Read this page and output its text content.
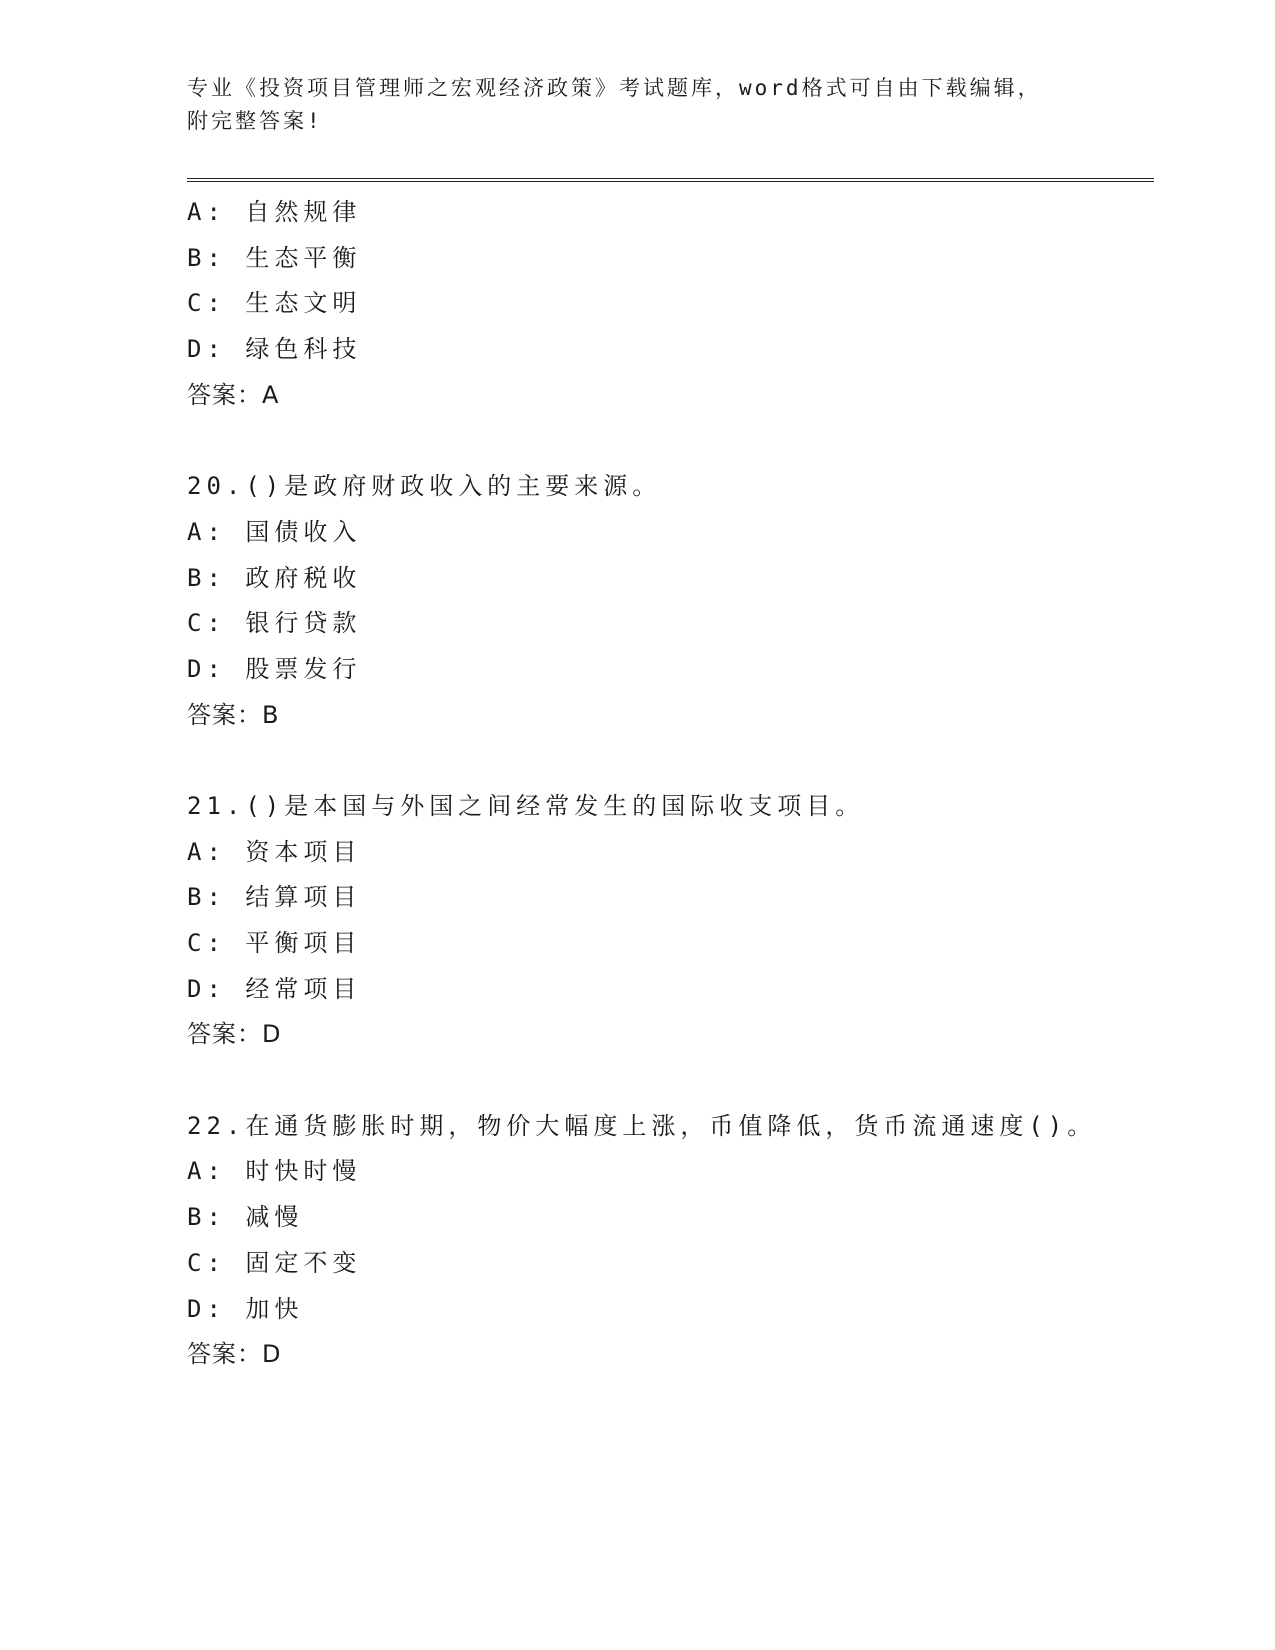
专业《投资项目管理师之宏观经济政策》考试题库，word格式可自由下载编辑，
附完整答案!
A: 自然规律
B: 生态平衡
C: 生态文明
D: 绿色科技
答案：A
20.()是政府财政收入的主要来源。
A: 国债收入
B: 政府税收
C: 银行贷款
D: 股票发行
答案：B
21.()是本国与外国之间经常发生的国际收支项目。
A: 资本项目
B: 结算项目
C: 平衡项目
D: 经常项目
答案：D
22.在通货膨胀时期，物价大幅度上涨，币值降低，货币流通速度()。
A: 时快时慢
B: 减慢
C: 固定不变
D: 加快
答案：D
